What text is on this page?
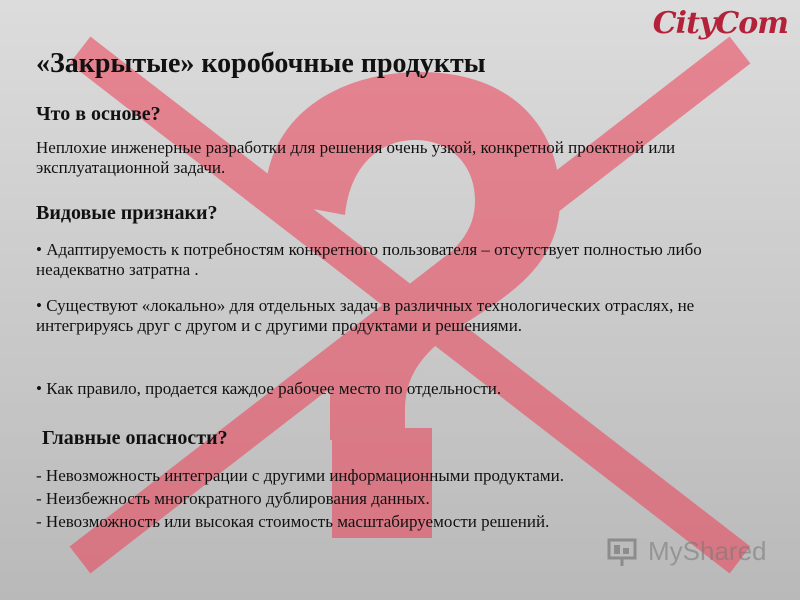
CityCom
«Закрытые» коробочные продукты
Что в основе?
Неплохие инженерные разработки для решения очень узкой, конкретной проектной или эксплуатационной задачи.
Видовые признаки?
• Адаптируемость к потребностям конкретного пользователя – отсутствует полностью либо неадекватно затратна .
• Существуют «локально» для отдельных задач в различных технологических отраслях, не интегрируясь друг с другом и с другими продуктами и решениями.
• Как правило, продается каждое рабочее место по отдельности.
Главные опасности?
- Невозможность интеграции с другими информационными продуктами.
- Неизбежность многократного дублирования данных.
- Невозможность или высокая стоимость масштабируемости решений.
MyShared
